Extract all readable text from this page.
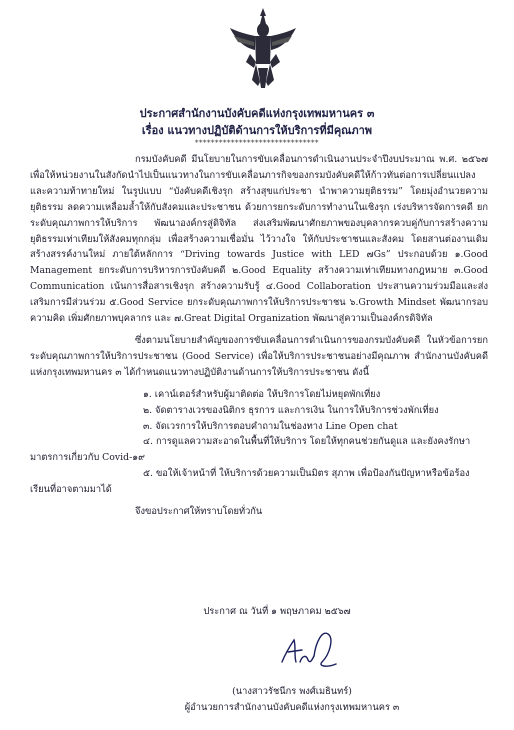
ประกาศสำนักงานบังคับคดีแห่งกรุงเทพมหานคร ๓
เรื่อง แนวทางปฏิบัติด้านการให้บริการที่มีคุณภาพ
*******************************

กรมบังคับคดี มีนโยบายในการขับเคลื่อนการดำเนินงานประจำปีงบประมาณ พ.ศ. ๒๕๖๗ เพื่อให้หน่วยงานในสังกัดนำไปเป็นแนวทางในการขับเคลื่อนภารกิจของกรมบังคับคดีให้ก้าวทันต่อการเปลี่ยนแปลงและความท้าทายใหม่ ในรูปแบบ “บังคับคดีเชิงรุก สร้างสุขแก่ประชา นำพาความยุติธรรม” โดยมุ่งอำนวยความยุติธรรม ลดความเหลื่อมล้ำให้กับสังคมและประชาชน ด้วยการยกระดับการทำงานในเชิงรุก เร่งบริหารจัดการคดี ยกระดับคุณภาพการให้บริการ พัฒนาองค์กรสู่ดิจิทัล ส่งเสริมพัฒนาศักยภาพของบุคลากรควบคู่กับการสร้างความยุติธรรมเท่าเทียมให้สังคมทุกกลุ่ม เพื่อสร้างความเชื่อมั่น ไว้วางใจ ให้กับประชาชนและสังคม โดยสานต่องานเดิม สร้างสรรค์งานใหม่ ภายใต้หลักการ “Driving towards Justice with LED ๗Gs” ประกอบด้วย ๑.Good Management ยกระดับการบริหารการบังคับคดี ๒.Good Equality สร้างความเท่าเทียมทางกฎหมาย ๓.Good Communication เน้นการสื่อสารเชิงรุก สร้างความรับรู้ ๔.Good Collaboration ประสานความร่วมมือและส่งเสริมการมีส่วนร่วม ๕.Good Service ยกระดับคุณภาพการให้บริการประชาชน ๖.Growth Mindset พัฒนากรอบความคิด เพิ่มศักยภาพบุคลากร และ ๗.Great Digital Organization พัฒนาสู่ความเป็นองค์กรดิจิทัล

ซึ่งตามนโยบายสำคัญของการขับเคลื่อนการดำเนินการของกรมบังคับคดี ในหัวข้อการยกระดับคุณภาพการให้บริการประชาชน (Good Service) เพื่อให้บริการประชาชนอย่างมีคุณภาพ สำนักงานบังคับคดีแห่งกรุงเทพมหานคร ๓ ได้กำหนดแนวทางปฏิบัติงานด้านการให้บริการประชาชน ดังนี้

๑. เคาน์เตอร์สำหรับผู้มาติดต่อ ให้บริการโดยไม่หยุดพักเที่ยง
๒. จัดตารางเวรของนิติกร ธุรการ และการเงิน ในการให้บริการช่วงพักเที่ยง
๓. จัดเวรการให้บริการตอบคำถามในช่องทาง Line Open chat
๔. การดูแลความสะอาดในพื้นที่ให้บริการ โดยให้ทุกคนช่วยกันดูแล และยังคงรักษามาตรการเกี่ยวกับ Covid-๑๙
๕. ขอให้เจ้าหน้าที่ ให้บริการด้วยความเป็นมิตร สุภาพ เพื่อป้องกันปัญหาหรือข้อร้องเรียนที่อาจตามมาได้

จึงขอประกาศให้ทราบโดยทั่วกัน

ประกาศ ณ วันที่ ๑ พฤษภาคม ๒๕๖๗
(นางสาวรัชนีกร พงศ์เมธินทร์)
ผู้อำนวยการสำนักงานบังคับคดีแห่งกรุงเทพมหานคร ๓
